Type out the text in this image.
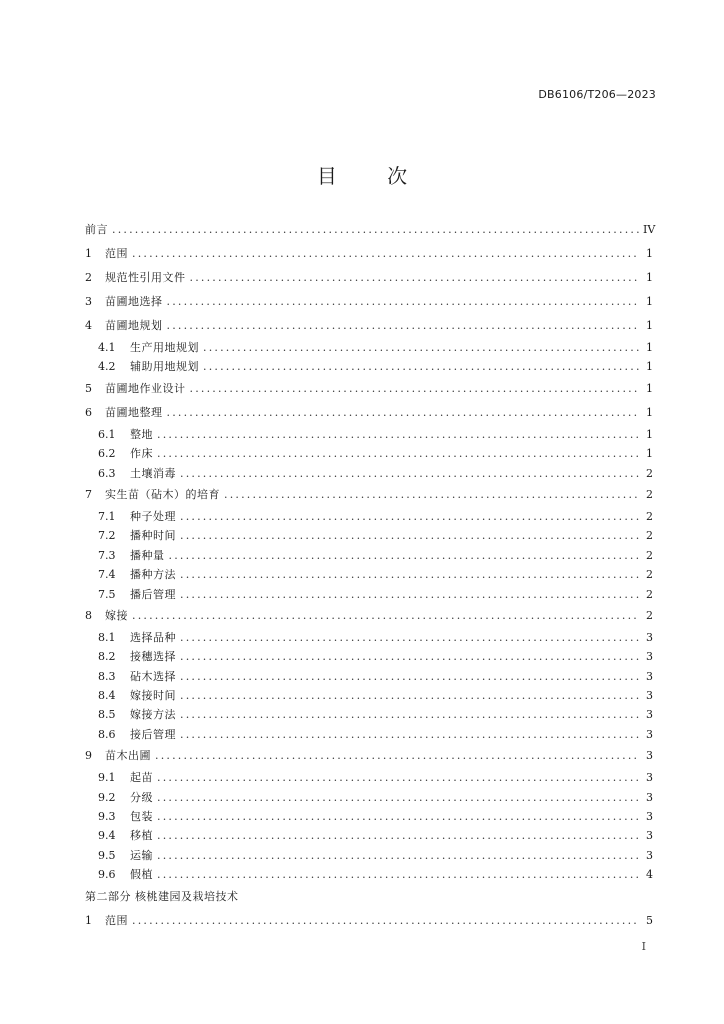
DB6106/T206—2023
目 次
前言 .....	IV
1	范围 .....	1
2	规范性引用文件 .....	1
3	苗圃地选择 .....	1
4	苗圃地规划 .....	1
4.1	生产用地规划 .....	1
4.2	辅助用地规划 .....	1
5	苗圃地作业设计 .....	1
6	苗圃地整理 .....	1
6.1	整地 .....	1
6.2	作床 .....	1
6.3	土壤消毒 .....	2
7	实生苗（砧木）的培育 .....	2
7.1	种子处理 .....	2
7.2	播种时间 .....	2
7.3	播种量 .....	2
7.4	播种方法 .....	2
7.5	播后管理 .....	2
8	嫁接 .....	2
8.1	选择品种 .....	3
8.2	接穗选择 .....	3
8.3	砧木选择 .....	3
8.4	嫁接时间 .....	3
8.5	嫁接方法 .....	3
8.6	接后管理 .....	3
9	苗木出圃 .....	3
9.1	起苗 .....	3
9.2	分级 .....	3
9.3	包装 .....	3
9.4	移植 .....	3
9.5	运输 .....	3
9.6	假植 .....	4
第二部分 核桃建园及栽培技术
1	范围 .....	5
I
